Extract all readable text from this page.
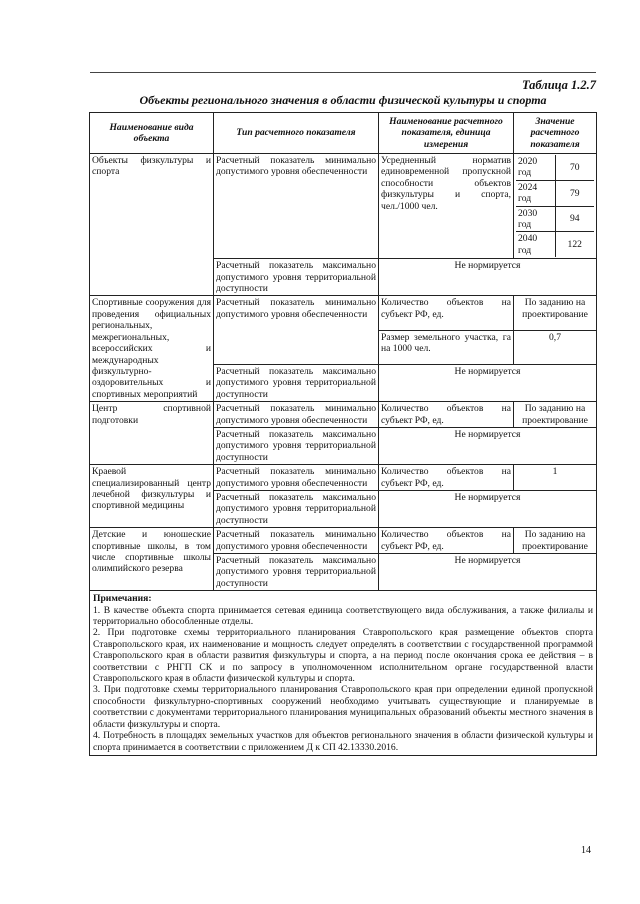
Таблица 1.2.7
Объекты регионального значения в области физической культуры и спорта
Наименование вида объекта	Тип расчетного показателя	Наименование расчетного показателя, единица измерения	Значение расчетного показателя
Объекты физкультуры и спорта	Расчетный показатель минимально допустимого уровня обеспеченности	Усредненный норматив единовременной пропускной способности объектов физкультуры и спорта, чел./1000 чел.	
2020 год	70
2024 год	79
2030 год	94
2040 год	122

Расчетный показатель максимально допустимого уровня территориальной доступности	Не нормируется
Спортивные сооружения для проведения официальных региональных, межрегиональных, всероссийских и международных физкультурно-оздоровительных и спортивных мероприятий	Расчетный показатель минимально допустимого уровня обеспеченности	Количество объектов на субъект РФ, ед.	По заданию на проектирование
Размер земельного участка, га на 1000 чел.	0,7
Расчетный показатель максимально допустимого уровня территориальной доступности	Не нормируется
Центр спортивной подготовки	Расчетный показатель минимально допустимого уровня обеспеченности	Количество объектов на субъект РФ, ед.	По заданию на проектирование
Расчетный показатель максимально допустимого уровня территориальной доступности	Не нормируется
Краевой специализированный центр лечебной физкультуры и спортивной медицины	Расчетный показатель минимально допустимого уровня обеспеченности	Количество объектов на субъект РФ, ед.	1
Расчетный показатель максимально допустимого уровня территориальной доступности	Не нормируется
Детские и юношеские спортивные школы, в том числе спортивные школы олимпийского резерва	Расчетный показатель минимально допустимого уровня обеспеченности	Количество объектов на субъект РФ, ед.	По заданию на проектирование
Расчетный показатель максимально допустимого уровня территориальной доступности	Не нормируется

Примечания:
1. В качестве объекта спорта принимается сетевая единица соответствующего вида обслуживания, а также филиалы и территориально обособленные отделы.
2. При подготовке схемы территориального планирования Ставропольского края размещение объектов спорта Ставропольского края, их наименование и мощность следует определять в соответствии с государственной программой Ставропольского края в области развития физкультуры и спорта, а на период после окончания срока ее действия – в соответствии с РНГП СК и по запросу в уполномоченном исполнительном органе государственной власти Ставропольского края в области физической культуры и спорта.
3. При подготовке схемы территориального планирования Ставропольского края при определении единой пропускной способности физкультурно-спортивных сооружений необходимо учитывать существующие и планируемые в соответствии с документами территориального планирования муниципальных образований объекты местного значения в области физкультуры и спорта.
4. Потребность в площадях земельных участков для объектов регионального значения в области физической культуры и спорта принимается в соответствии с приложением Д к СП 42.13330.2016.
14
